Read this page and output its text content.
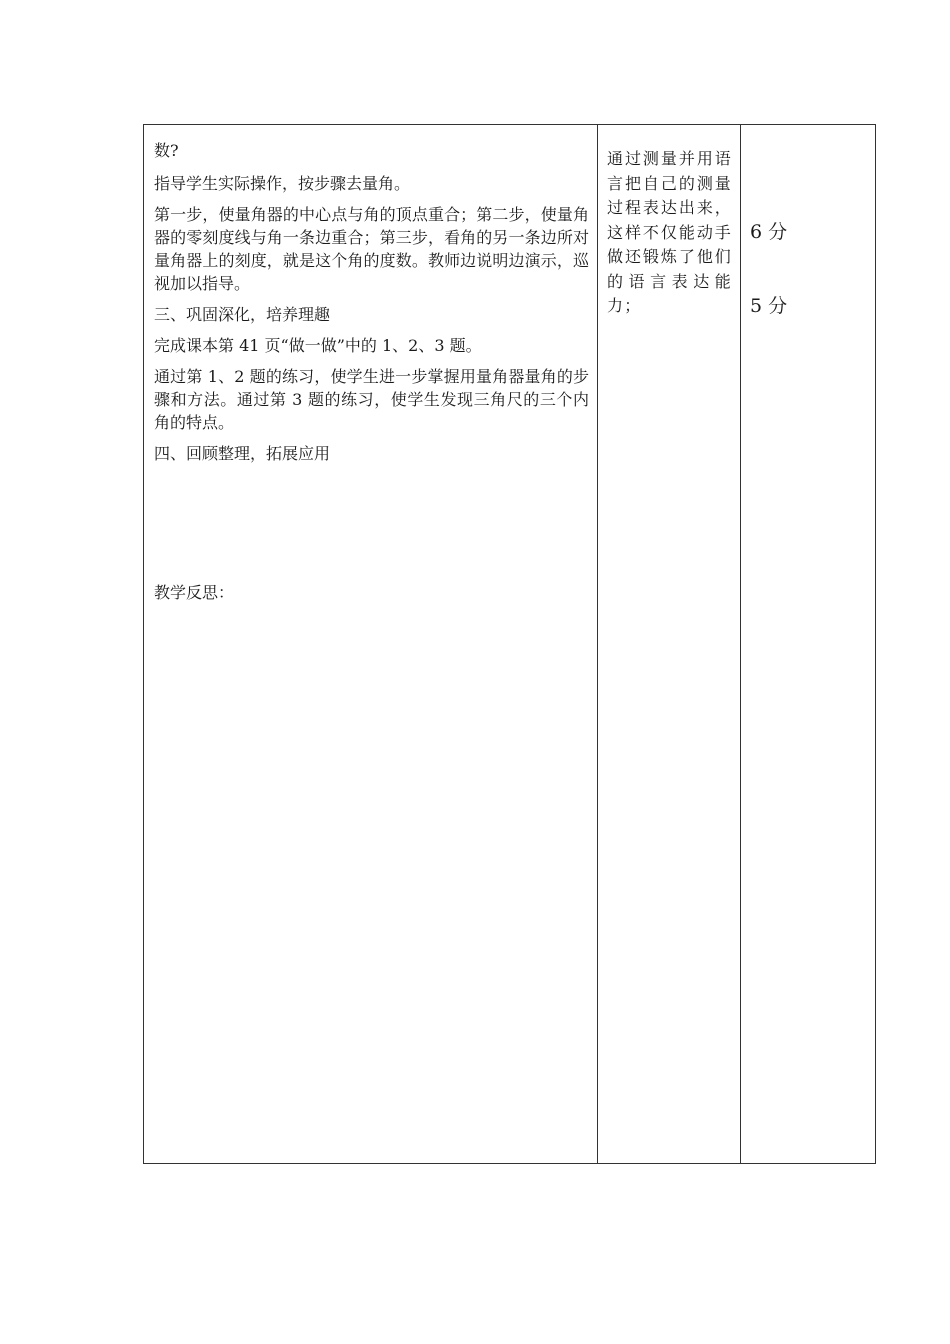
数?

指导学生实际操作，按步骤去量角。

第一步，使量角器的中心点与角的顶点重合；第二步，使量角器的零刻度线与角一条边重合；第三步，看角的另一条边所对量角器上的刻度，就是这个角的度数。教师边说明边演示，巡视加以指导。

三、巩固深化，培养理趣

完成课本第 41 页“做一做”中的 1、2、3 题。

通过第 1、2 题的练习，使学生进一步掌握用量角器量角的步骤和方法。通过第 3 题的练习，使学生发现三角尺的三个内角的特点。

四、回顾整理，拓展应用

教学反思：

通过测量并用语言把自己的测量过程表达出来，这样不仅能动手做还锻炼了他们的语言表达能力；

6 分
5 分
